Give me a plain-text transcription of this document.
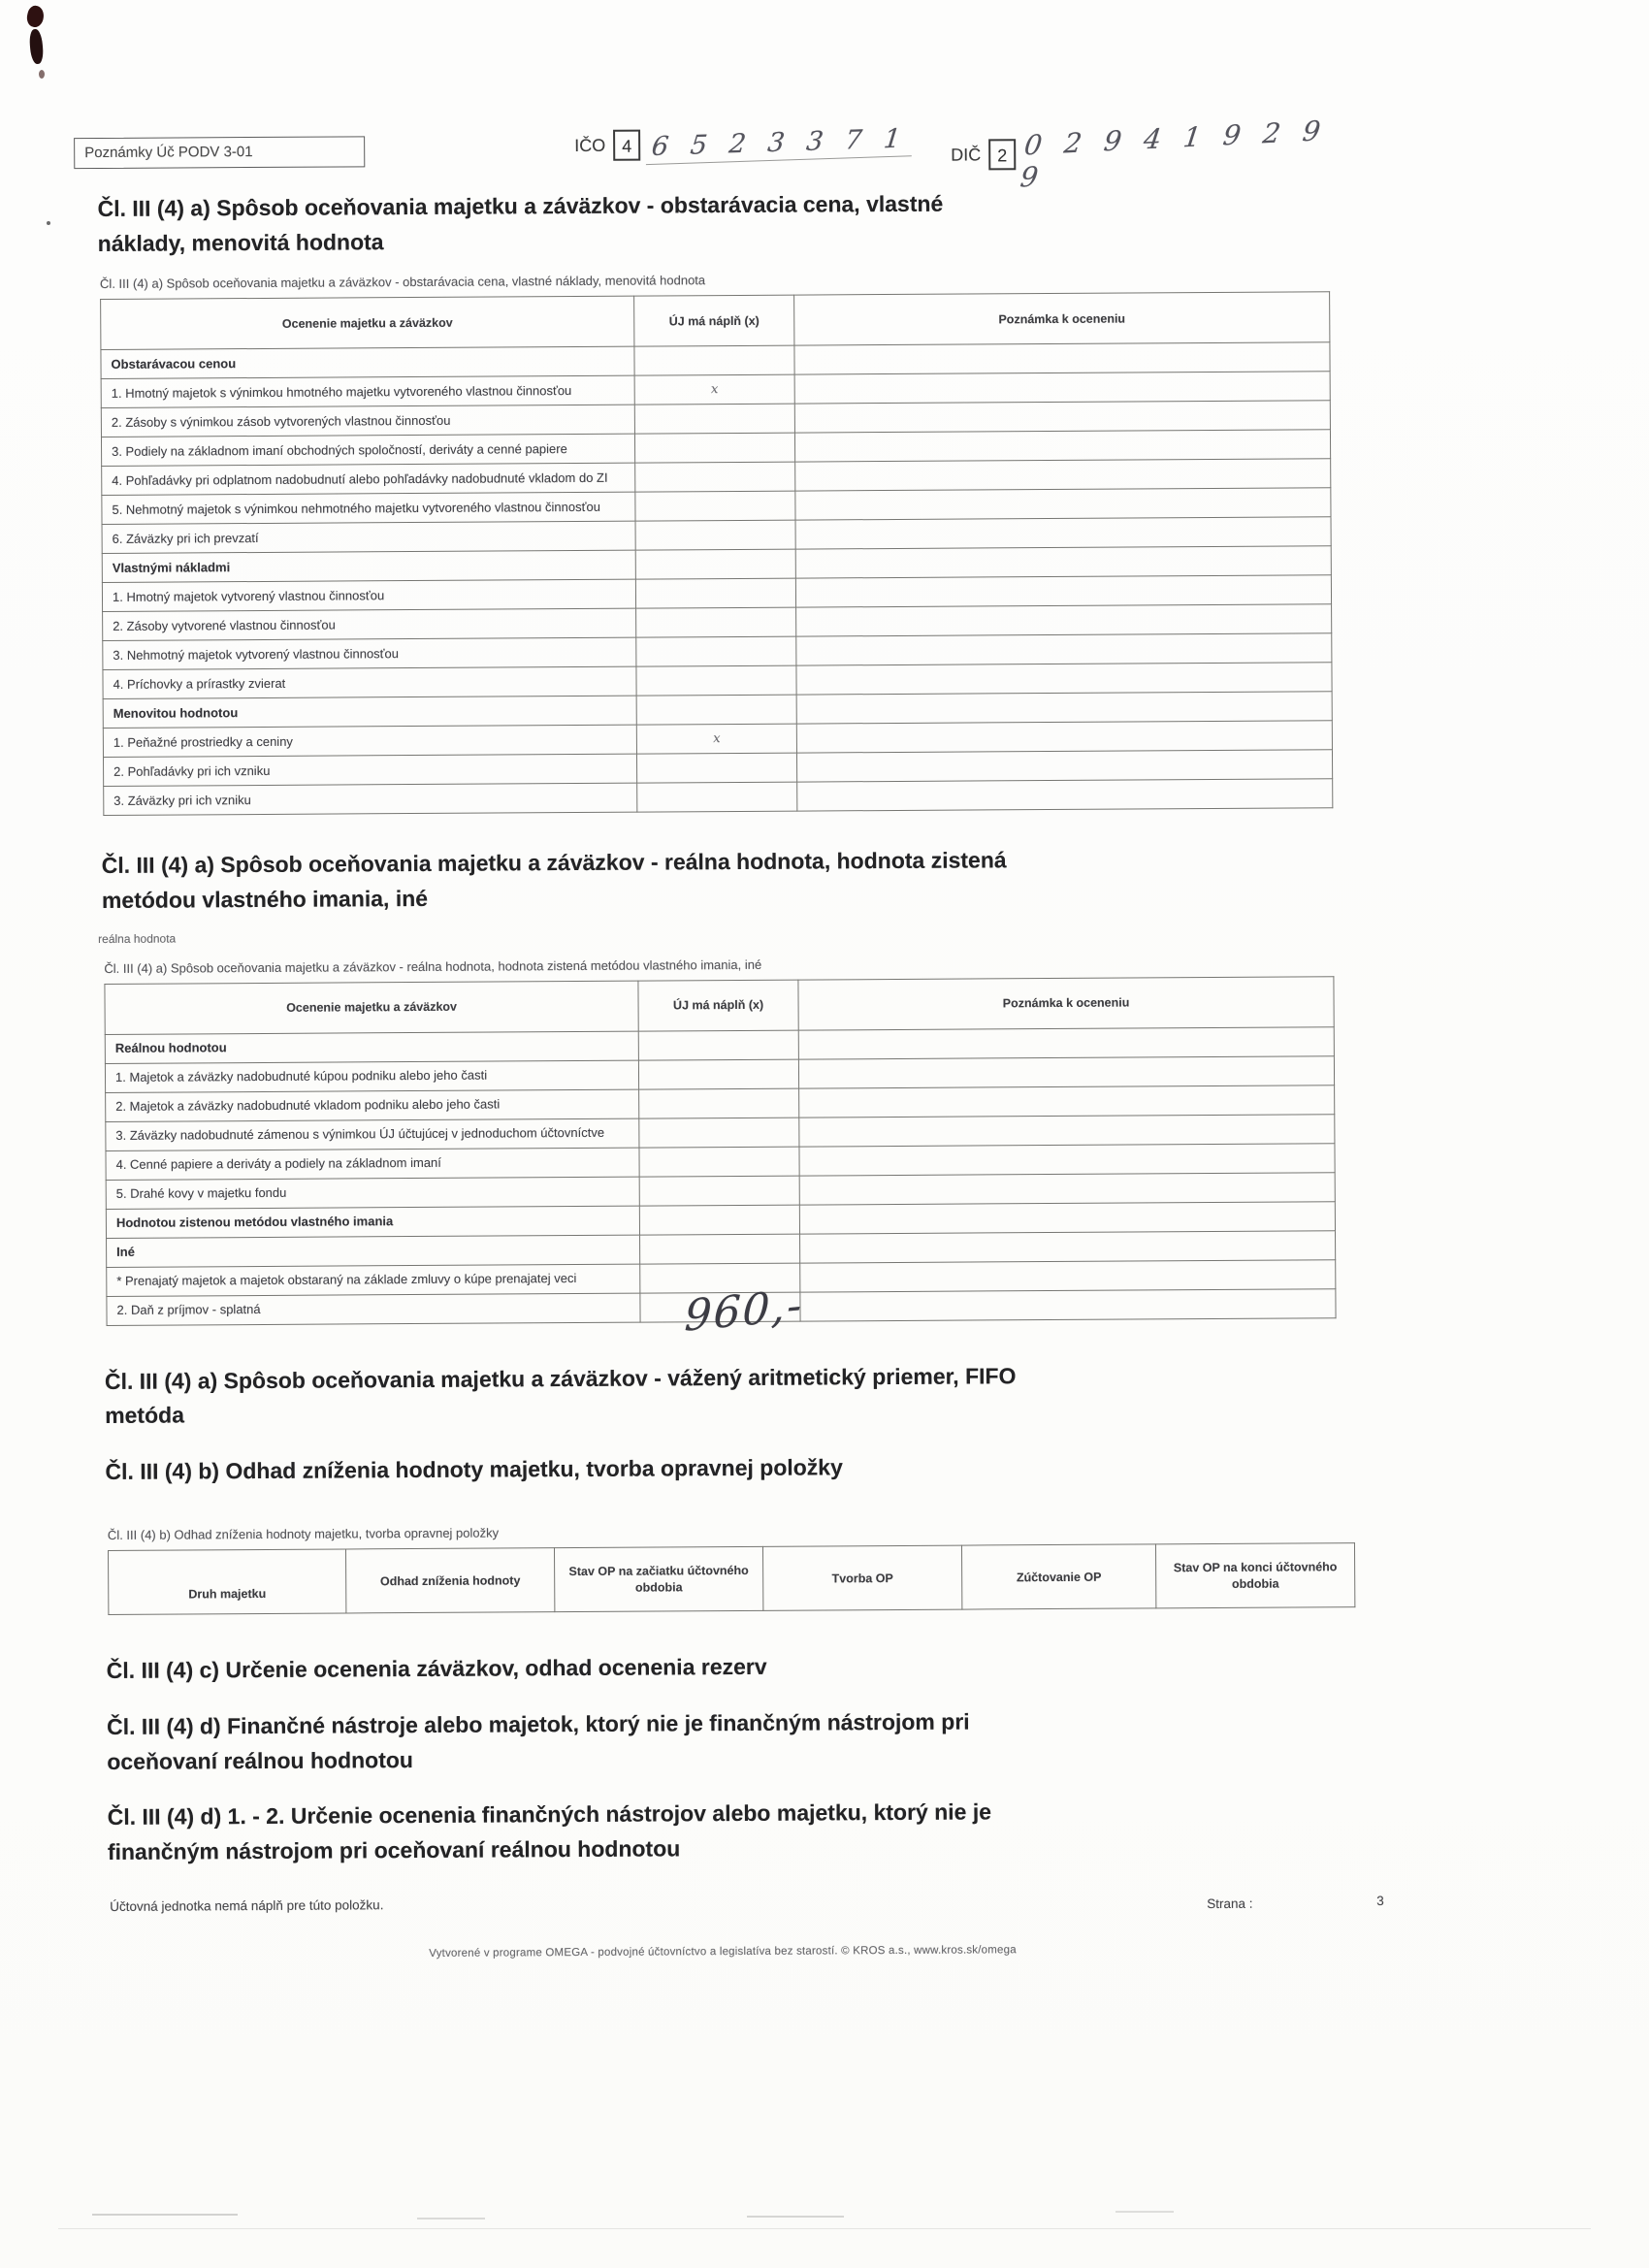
Poznámky Úč PODV 3-01	IČO 4 6 5 2 3 3 7 1	DIČ 2 0 2 9 4 1 9 2 9 9
Čl. III (4) a) Spôsob oceňovania majetku a záväzkov - obstarávacia cena, vlastné
náklady, menovitá hodnota
Čl. III (4) a) Spôsob oceňovania majetku a záväzkov - obstarávacia cena, vlastné náklady, menovitá hodnota
Ocenenie majetku a záväzkov	ÚJ má náplň (x)	Poznámka k oceneniu
Obstarávacou cenou		
1. Hmotný majetok s výnimkou hmotného majetku vytvoreného vlastnou činnosťou	x	
2. Zásoby s výnimkou zásob vytvorených vlastnou činnosťou		
3. Podiely na základnom imaní obchodných spoločností, deriváty a cenné papiere		
4. Pohľadávky pri odplatnom nadobudnutí alebo pohľadávky nadobudnuté vkladom do ZI		
5. Nehmotný majetok s výnimkou nehmotného majetku vytvoreného vlastnou činnosťou		
6. Záväzky pri ich prevzatí		
Vlastnými nákladmi		
1. Hmotný majetok vytvorený vlastnou činnosťou		
2. Zásoby vytvorené vlastnou činnosťou		
3. Nehmotný majetok vytvorený vlastnou činnosťou		
4. Príchovky a prírastky zvierat		
Menovitou hodnotou		
1. Peňažné prostriedky a ceniny	x	
2. Pohľadávky pri ich vzniku		
3. Záväzky pri ich vzniku		
Čl. III (4) a) Spôsob oceňovania majetku a záväzkov - reálna hodnota, hodnota zistená
metódou vlastného imania, iné
reálna hodnota
Čl. III (4) a) Spôsob oceňovania majetku a záväzkov - reálna hodnota, hodnota zistená metódou vlastného imania, iné
Ocenenie majetku a záväzkov	ÚJ má náplň (x)	Poznámka k oceneniu
Reálnou hodnotou		
1. Majetok a záväzky nadobudnuté kúpou podniku alebo jeho časti		
2. Majetok a záväzky nadobudnuté vkladom podniku alebo jeho časti		
3. Záväzky nadobudnuté zámenou s výnimkou ÚJ účtujúcej v jednoduchom účtovníctve		
4. Cenné papiere a deriváty a podiely na základnom imaní		
5. Drahé kovy v majetku fondu		
Hodnotou zistenou metódou vlastného imania		
Iné		
* Prenajatý majetok a majetok obstaraný na základe zmluvy o kúpe prenajatej veci		
2. Daň z príjmov - splatná			960,-
Čl. III (4) a) Spôsob oceňovania majetku a záväzkov - vážený aritmetický priemer, FIFO
metóda
Čl. III (4) b) Odhad zníženia hodnoty majetku, tvorba opravnej položky
Čl. III (4) b) Odhad zníženia hodnoty majetku, tvorba opravnej položky
Druh majetku	Odhad zníženia hodnoty	Stav OP na začiatku účtovného obdobia	Tvorba OP	Zúčtovanie OP	Stav OP na konci účtovného obdobia
Čl. III (4) c) Určenie ocenenia záväzkov, odhad ocenenia rezerv
Čl. III (4) d) Finančné nástroje alebo majetok, ktorý nie je finančným nástrojom pri
oceňovaní reálnou hodnotou
Čl. III (4) d) 1. - 2. Určenie ocenenia finančných nástrojov alebo majetku, ktorý nie je
finančným nástrojom pri oceňovaní reálnou hodnotou
Účtovná jednotka nemá náplň pre túto položku.	Strana :	3
Vytvorené v programe OMEGA - podvojné účtovníctvo a legislatíva bez starostí. © KROS a.s., www.kros.sk/omega
